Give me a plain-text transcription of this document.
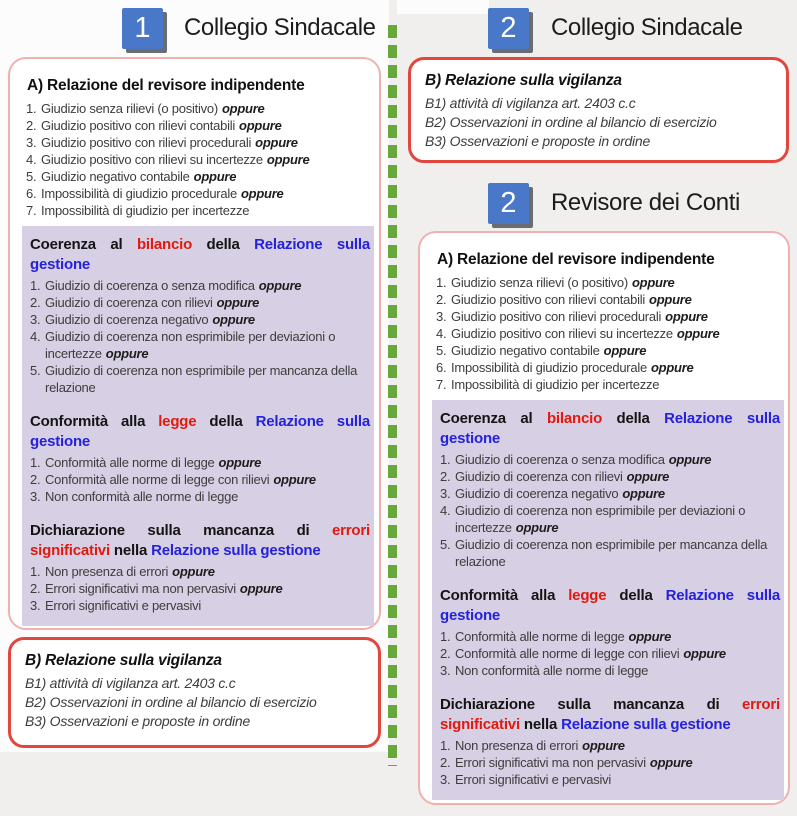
1	Collegio Sindacale	2	Collegio Sindacale
2	Revisore dei Conti
A) Relazione del revisore indipendente
1. Giudizio senza rilievi (o positivo) oppure
2. Giudizio positivo con rilievi contabili oppure
3. Giudizio positivo con rilievi procedurali oppure
4. Giudizio positivo con rilievi su incertezze oppure
5. Giudizio negativo contabile oppure
6. Impossibilità di giudizio procedurale oppure
7. Impossibilità di giudizio per incertezze
Coerenza al bilancio della Relazione sulla gestione
1. Giudizio di coerenza o senza modifica oppure
2. Giudizio di coerenza con rilievi oppure
3. Giudizio di coerenza negativo oppure
4. Giudizio di coerenza non esprimibile per deviazioni o incertezze oppure
5. Giudizio di coerenza non esprimibile per mancanza della relazione
Conformità alla legge della Relazione sulla gestione
1. Conformità alle norme di legge oppure
2. Conformità alle norme di legge con rilievi oppure
3. Non conformità alle norme di legge
Dichiarazione sulla mancanza di errori significativi nella Relazione sulla gestione
1. Non presenza di errori oppure
2. Errori significativi ma non pervasivi oppure
3. Errori significativi e pervasivi
B) Relazione sulla vigilanza
B1) attività di vigilanza art. 2403 c.c
B2) Osservazioni in ordine al bilancio di esercizio
B3) Osservazioni e proposte in ordine
B) Relazione sulla vigilanza
B1) attività di vigilanza art. 2403 c.c
B2) Osservazioni in ordine al bilancio di esercizio
B3) Osservazioni e proposte in ordine
A) Relazione del revisore indipendente
1. Giudizio senza rilievi (o positivo) oppure
2. Giudizio positivo con rilievi contabili oppure
3. Giudizio positivo con rilievi procedurali oppure
4. Giudizio positivo con rilievi su incertezze oppure
5. Giudizio negativo contabile oppure
6. Impossibilità di giudizio procedurale oppure
7. Impossibilità di giudizio per incertezze
Coerenza al bilancio della Relazione sulla gestione
1. Giudizio di coerenza o senza modifica oppure
2. Giudizio di coerenza con rilievi oppure
3. Giudizio di coerenza negativo oppure
4. Giudizio di coerenza non esprimibile per deviazioni o incertezze oppure
5. Giudizio di coerenza non esprimibile per mancanza della relazione
Conformità alla legge della Relazione sulla gestione
1. Conformità alle norme di legge oppure
2. Conformità alle norme di legge con rilievi oppure
3. Non conformità alle norme di legge
Dichiarazione sulla mancanza di errori significativi nella Relazione sulla gestione
1. Non presenza di errori oppure
2. Errori significativi ma non pervasivi oppure
3. Errori significativi e pervasivi
